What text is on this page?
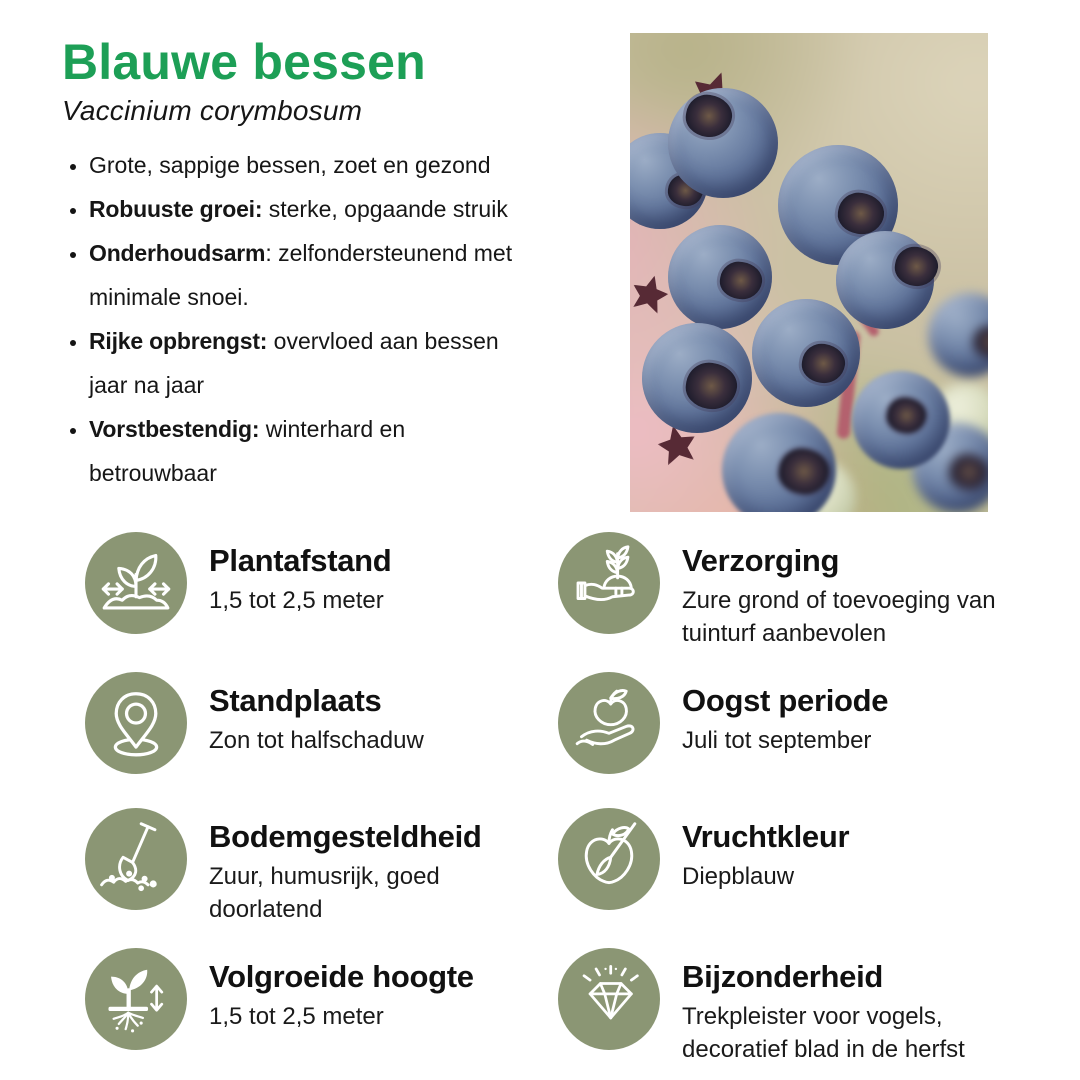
Blauwe bessen
Vaccinium corymbosum
• Grote, sappige bessen, zoet en gezond
• Robuuste groei: sterke, opgaande struik
• Onderhoudsarm: zelfondersteunend met minimale snoei.
• Rijke opbrengst: overvloed aan bessen jaar na jaar
• Vorstbestendig: winterhard en betrouwbaar
Plantafstand
1,5 tot 2,5 meter
Verzorging
Zure grond of toevoeging van tuinturf aanbevolen
Standplaats
Zon tot halfschaduw
Oogst periode
Juli tot september
Bodemgesteldheid
Zuur, humusrijk, goed doorlatend
Vruchtkleur
Diepblauw
Volgroeide hoogte
1,5 tot 2,5 meter
Bijzonderheid
Trekpleister voor vogels, decoratief blad in de herfst
